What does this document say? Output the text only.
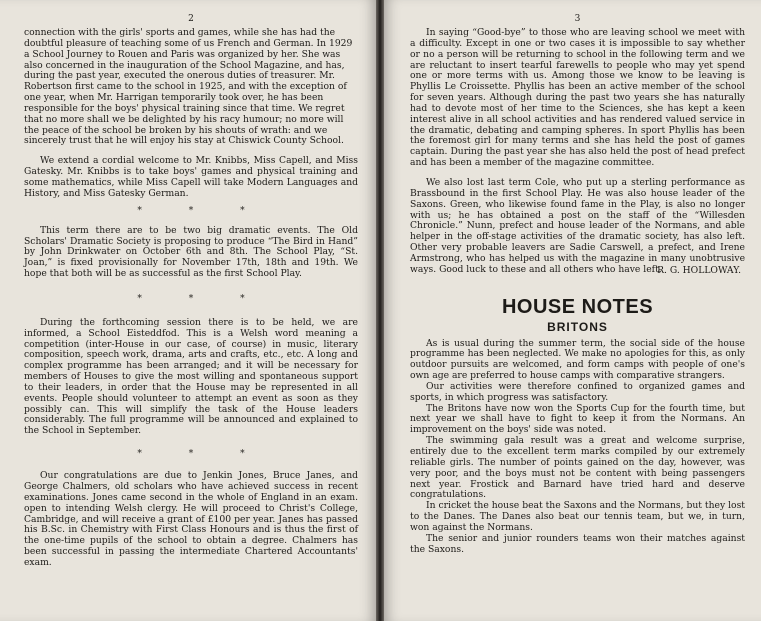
2

connection with the girls' sports and games, while she has had the doubtful pleasure of teaching some of us French and German. In 1929 a School Journey to Rouen and Paris was organized by her. She was also concerned in the inauguration of the School Magazine, and has, during the past year, executed the onerous duties of treasurer. Mr. Robertson first came to the school in 1925, and with the exception of one year, when Mr. Harrigan temporarily took over, he has been responsible for the boys' physical training since that time. We regret that no more shall we be delighted by his racy humour; no more will the peace of the school be broken by his shouts of wrath: and we sincerely trust that he will enjoy his stay at Chiswick County School.

We extend a cordial welcome to Mr. Knibbs, Miss Capell, and Miss Gatesky. Mr. Knibbs is to take boys' games and physical training and some mathematics, while Miss Capell will take Modern Languages and History, and Miss Gatesky German.

* * *

This term there are to be two big dramatic events. The Old Scholars' Dramatic Society is proposing to produce “The Bird in Hand” by John Drinkwater on October 6th and 8th. The School Play, “St. Joan,” is fixed provisionally for November 17th, 18th and 19th. We hope that both will be as successful as the first School Play.

* * *

During the forthcoming session there is to be held, we are informed, a School Eisteddfod. This is a Welsh word meaning a competition (inter-House in our case, of course) in music, literary composition, speech work, drama, arts and crafts, etc., etc. A long and complex programme has been arranged; and it will be necessary for members of Houses to give the most willing and spontaneous support to their leaders, in order that the House may be represented in all events. People should volunteer to attempt an event as soon as they possibly can. This will simplify the task of the House leaders considerably. The full programme will be announced and explained to the School in September.

* * *

Our congratulations are due to Jenkin Jones, Bruce Janes, and George Chalmers, old scholars who have achieved success in recent examinations. Jones came second in the whole of England in an exam. open to intending Welsh clergy. He will proceed to Christ's College, Cambridge, and will receive a grant of £100 per year. Janes has passed his B.Sc. in Chemistry with First Class Honours and is thus the first of the one-time pupils of the school to obtain a degree. Chalmers has been successful in passing the intermediate Chartered Accountants' exam.

3

In saying “Good-bye” to those who are leaving school we meet with a difficulty. Except in one or two cases it is impossible to say whether or no a person will be returning to school in the following term and we are reluctant to insert tearful farewells to people who may yet spend one or more terms with us. Among those we know to be leaving is Phyllis Le Croissette. Phyllis has been an active member of the school for seven years. Although during the past two years she has naturally had to devote most of her time to the Sciences, she has kept a keen interest alive in all school activities and has rendered valued service in the dramatic, debating and camping spheres. In sport Phyllis has been the foremost girl for many terms and she has held the post of games captain. During the past year she has also held the post of head prefect and has been a member of the magazine committee.

We also lost last term Cole, who put up a sterling performance as Brassbound in the first School Play. He was also house leader of the Saxons. Green, who likewise found fame in the Play, is also no longer with us; he has obtained a post on the staff of the “Willesden Chronicle.” Nunn, prefect and house leader of the Normans, and able helper in the off-stage activities of the dramatic society, has also left. Other very probable leavers are Sadie Carswell, a prefect, and Irene Armstrong, who has helped us with the magazine in many unobtrusive ways. Good luck to these and all others who have left.

R. G. HOLLOWAY.
HOUSE NOTES
BRITONS

As is usual during the summer term, the social side of the house programme has been neglected. We make no apologies for this, as only outdoor pursuits are welcomed, and form camps with people of one's own age are preferred to house camps with comparative strangers.

Our activities were therefore confined to organized games and sports, in which progress was satisfactory.

The Britons have now won the Sports Cup for the fourth time, but next year we shall have to fight to keep it from the Normans. An improvement on the boys' side was noted.

The swimming gala result was a great and welcome surprise, entirely due to the excellent term marks compiled by our extremely reliable girls. The number of points gained on the day, however, was very poor, and the boys must not be content with being passengers next year. Frostick and Barnard have tried hard and deserve congratulations.

In cricket the house beat the Saxons and the Normans, but they lost to the Danes. The Danes also beat our tennis team, but we, in turn, won against the Normans.

The senior and junior rounders teams won their matches against the Saxons.
